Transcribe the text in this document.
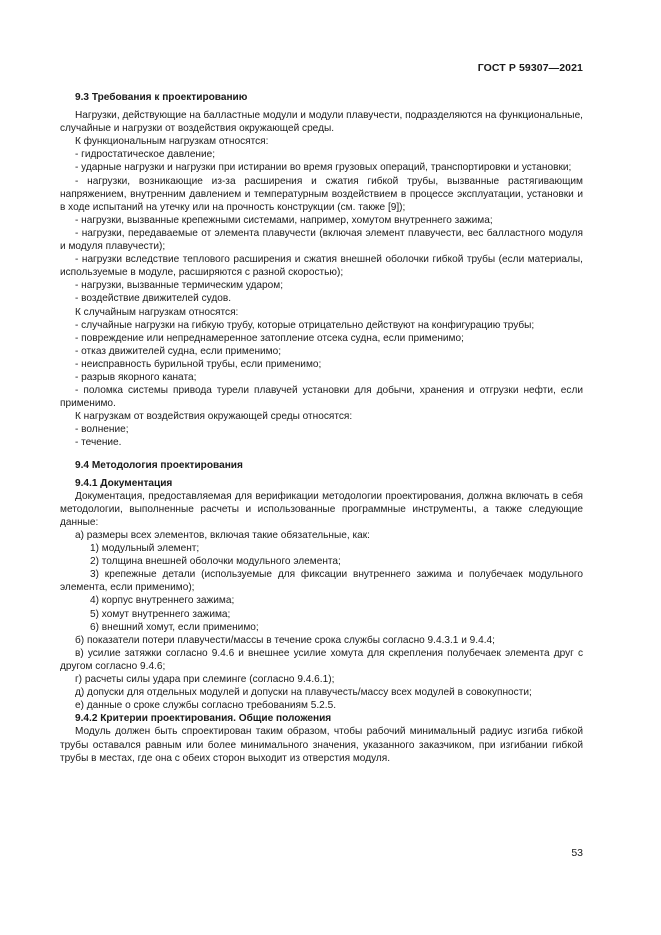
ГОСТ Р 59307—2021

9.3 Требования к проектированию

Нагрузки, действующие на балластные модули и модули плавучести, подразделяются на функциональные, случайные и нагрузки от воздействия окружающей среды.

К функциональным нагрузкам относятся:

- гидростатическое давление;

- ударные нагрузки и нагрузки при истирании во время грузовых операций, транспортировки и установки;

- нагрузки, возникающие из-за расширения и сжатия гибкой трубы, вызванные растягивающим напряжением, внутренним давлением и температурным воздействием в процессе эксплуатации, установки и в ходе испытаний на утечку или на прочность конструкции (см. также [9]);

- нагрузки, вызванные крепежными системами, например, хомутом внутреннего зажима;

- нагрузки, передаваемые от элемента плавучести (включая элемент плавучести, вес балластного модуля и модуля плавучести);

- нагрузки вследствие теплового расширения и сжатия внешней оболочки гибкой трубы (если материалы, используемые в модуле, расширяются с разной скоростью);

- нагрузки, вызванные термическим ударом;

- воздействие движителей судов.

К случайным нагрузкам относятся:

- случайные нагрузки на гибкую трубу, которые отрицательно действуют на конфигурацию трубы;

- повреждение или непреднамеренное затопление отсека судна, если применимо;

- отказ движителей судна, если применимо;

- неисправность бурильной трубы, если применимо;

- разрыв якорного каната;

- поломка системы привода турели плавучей установки для добычи, хранения и отгрузки нефти, если применимо.

К нагрузкам от воздействия окружающей среды относятся:

- волнение;

- течение.

9.4 Методология проектирования

9.4.1 Документация

Документация, предоставляемая для верификации методологии проектирования, должна включать в себя методологии, выполненные расчеты и использованные программные инструменты, а также следующие данные:

а) размеры всех элементов, включая такие обязательные, как:

1) модульный элемент;

2) толщина внешней оболочки модульного элемента;

3) крепежные детали (используемые для фиксации внутреннего зажима и полубечаек модульного элемента, если применимо);

4) корпус внутреннего зажима;

5) хомут внутреннего зажима;

6) внешний хомут, если применимо;

б) показатели потери плавучести/массы в течение срока службы согласно 9.4.3.1 и 9.4.4;

в) усилие затяжки согласно 9.4.6 и внешнее усилие хомута для скрепления полубечаек элемента друг с другом согласно 9.4.6;

г) расчеты силы удара при слеминге (согласно 9.4.6.1);

д) допуски для отдельных модулей и допуски на плавучесть/массу всех модулей в совокупности;

е) данные о сроке службы согласно требованиям 5.2.5.

9.4.2 Критерии проектирования. Общие положения

Модуль должен быть спроектирован таким образом, чтобы рабочий минимальный радиус изгиба гибкой трубы оставался равным или более минимального значения, указанного заказчиком, при изгибании гибкой трубы в местах, где она с обеих сторон выходит из отверстия модуля.

53
